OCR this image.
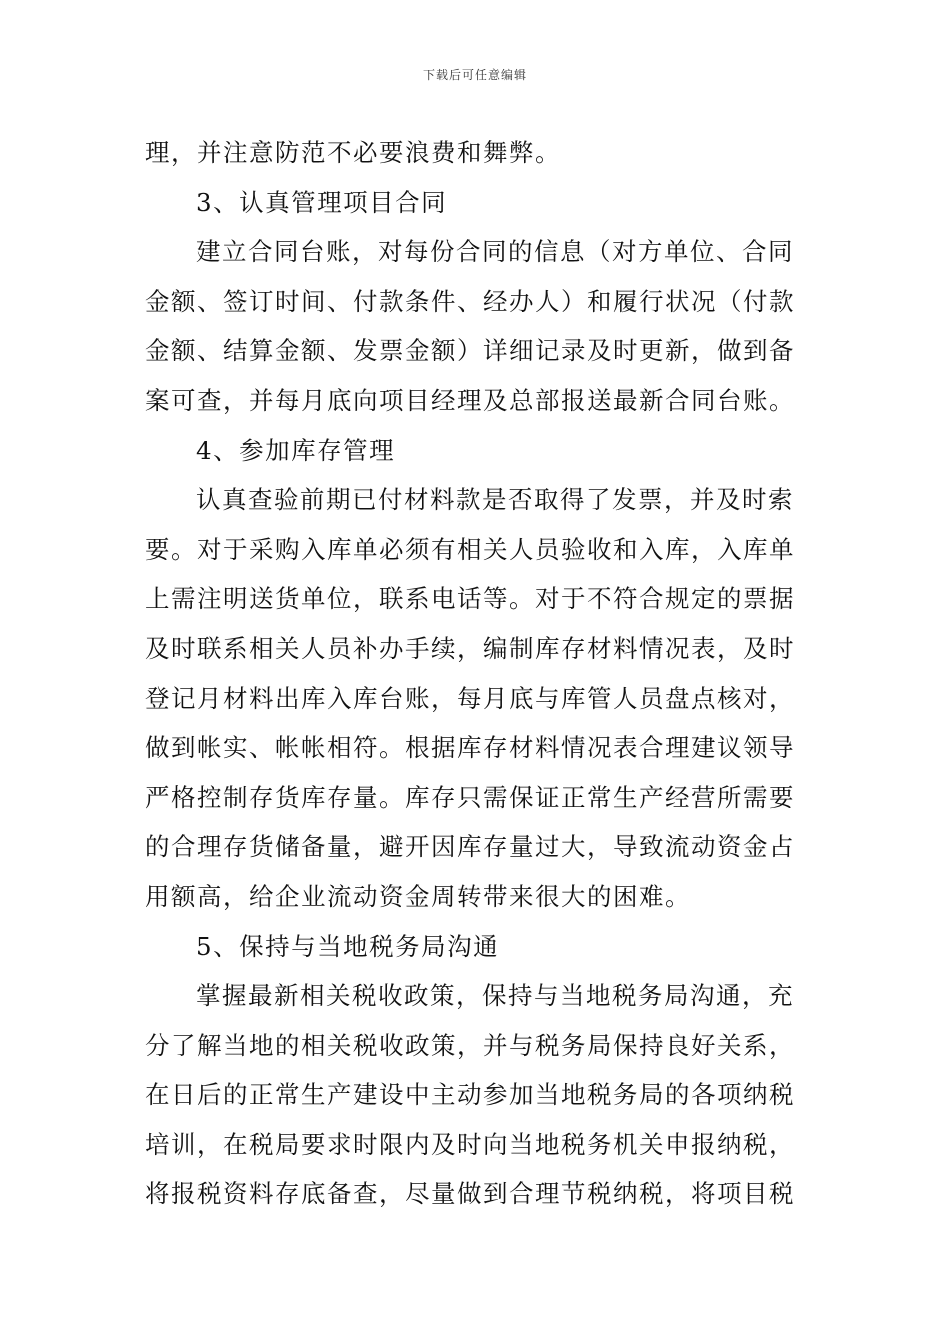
下载后可任意编辑
理，并注意防范不必要浪费和舞弊。
3、认真管理项目合同
建立合同台账，对每份合同的信息（对方单位、合同
金额、签订时间、付款条件、经办人）和履行状况（付款
金额、结算金额、发票金额）详细记录及时更新，做到备
案可查，并每月底向项目经理及总部报送最新合同台账。
4、参加库存管理
认真查验前期已付材料款是否取得了发票，并及时索
要。对于采购入库单必须有相关人员验收和入库，入库单
上需注明送货单位，联系电话等。对于不符合规定的票据
及时联系相关人员补办手续，编制库存材料情况表，及时
登记月材料出库入库台账，每月底与库管人员盘点核对，
做到帐实、帐帐相符。根据库存材料情况表合理建议领导
严格控制存货库存量。库存只需保证正常生产经营所需要
的合理存货储备量，避开因库存量过大，导致流动资金占
用额高，给企业流动资金周转带来很大的困难。
5、保持与当地税务局沟通
掌握最新相关税收政策，保持与当地税务局沟通，充
分了解当地的相关税收政策，并与税务局保持良好关系，
在日后的正常生产建设中主动参加当地税务局的各项纳税
培训，在税局要求时限内及时向当地税务机关申报纳税，
将报税资料存底备查，尽量做到合理节税纳税，将项目税
